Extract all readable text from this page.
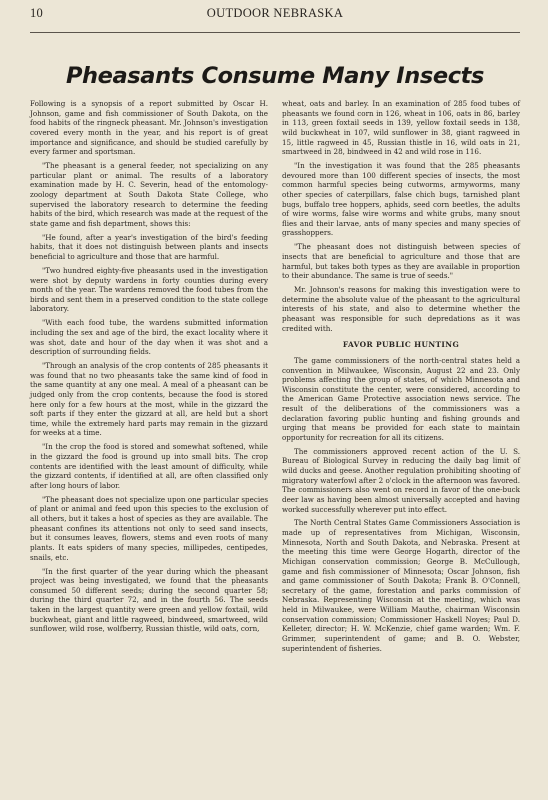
10	OUTDOOR NEBRASKA
Pheasants Consume Many Insects

Following is a synopsis of a report submitted by Oscar H. Johnson, game and fish commissioner of South Dakota, on the food habits of the ringneck pheasant. Mr. Johnson's investigation covered every month in the year, and his report is of great importance and significance, and should be studied carefully by every farmer and sportsman.

"The pheasant is a general feeder, not specializing on any particular plant or animal. The results of a laboratory examination made by H. C. Severin, head of the entomology-zoology department at South Dakota State College, who supervised the laboratory research to determine the feeding habits of the bird, which research was made at the request of the state game and fish department, shows this:

"He found, after a year's investigation of the bird's feeding habits, that it does not distinguish between plants and insects beneficial to agriculture and those that are harmful.

"Two hundred eighty-five pheasants used in the investigation were shot by deputy wardens in forty counties during every month of the year. The wardens removed the food tubes from the birds and sent them in a preserved condition to the state college laboratory.

"With each food tube, the wardens submitted information including the sex and age of the bird, the exact locality where it was shot, date and hour of the day when it was shot and a description of surrounding fields.

"Through an analysis of the crop contents of 285 pheasants it was found that no two pheasants take the same kind of food in the same quantity at any one meal. A meal of a pheasant can be judged only from the crop contents, because the food is stored here only for a few hours at the most, while in the gizzard the soft parts if they enter the gizzard at all, are held but a short time, while the extremely hard parts may remain in the gizzard for weeks at a time.

"In the crop the food is stored and somewhat softened, while in the gizzard the food is ground up into small bits. The crop contents are identified with the least amount of difficulty, while the gizzard contents, if identified at all, are often classified only after long hours of labor.

"The pheasant does not specialize upon one particular species of plant or animal and feed upon this species to the exclusion of all others, but it takes a host of species as they are available. The pheasant confines its attentions not only to seed sand insects, but it consumes leaves, flowers, stems and even roots of many plants. It eats spiders of many species, millipedes, centipedes, snails, etc.

"In the first quarter of the year during which the pheasant project was being investigated, we found that the pheasants consumed 50 different seeds; during the second quarter 58; during the third quarter 72, and in the fourth 56. The seeds taken in the largest quantity were green and yellow foxtail, wild buckwheat, giant and little ragweed, bindweed, smartweed, wild sunflower, wild rose, wolfberry, Russian thistle, wild oats, corn,

wheat, oats and barley. In an examination of 285 food tubes of pheasants we found corn in 126, wheat in 106, oats in 86, barley in 113, green foxtail seeds in 139, yellow foxtail seeds in 138, wild buckwheat in 107, wild sunflower in 38, giant ragweed in 15, little ragweed in 45, Russian thistle in 16, wild oats in 21, smartweed in 28, bindweed in 42 and wild rose in 116.

"In the investigation it was found that the 285 pheasants devoured more than 100 different species of insects, the most common harmful species being cutworms, armyworms, many other species of caterpillars, false chich bugs, tarnished plant bugs, buffalo tree hoppers, aphids, seed corn beetles, the adults of wire worms, false wire worms and white grubs, many snout flies and their larvae, ants of many species and many species of grasshoppers.

"The pheasant does not distinguish between species of insects that are beneficial to agriculture and those that are harmful, but takes both types as they are available in proportion to their abundance. The same is true of seeds."

Mr. Johnson's reasons for making this investigation were to determine the absolute value of the pheasant to the agricultural interests of his state, and also to determine whether the pheasant was responsible for such depredations as it was credited with.

FAVOR PUBLIC HUNTING

The game commissioners of the north-central states held a convention in Milwaukee, Wisconsin, August 22 and 23. Only problems affecting the group of states, of which Minnesota and Wisconsin constitute the center, were considered, according to the American Game Protective association news service. The result of the deliberations of the commissioners was a declaration favoring public hunting and fishing grounds and urging that means be provided for each state to maintain opportunity for recreation for all its citizens.

The commissioners approved recent action of the U. S. Bureau of Biological Survey in reducing the daily bag limit of wild ducks and geese. Another regulation prohibiting shooting of migratory waterfowl after 2 o'clock in the afternoon was favored. The commissioners also went on record in favor of the one-buck deer law as having been almost universally accepted and having worked successfully wherever put into effect.

The North Central States Game Commissioners Association is made up of representatives from Michigan, Wisconsin, Minnesota, North and South Dakota, and Nebraska. Present at the meeting this time were George Hogarth, director of the Michigan conservation commission; George B. McCullough, game and fish commissioner of Minnesota; Oscar Johnson, fish and game commissioner of South Dakota; Frank B. O'Connell, secretary of the game, forestation and parks commission of Nebraska. Representing Wisconsin at the meeting, which was held in Milwaukee, were William Mauthe, chairman Wisconsin conservation commission; Commissioner Haskell Noyes; Paul D. Kelleter, director; H. W. McKenzie, chief game warden; Wm. F. Grimmer, superintendent of game; and B. O. Webster, superintendent of fisheries.
